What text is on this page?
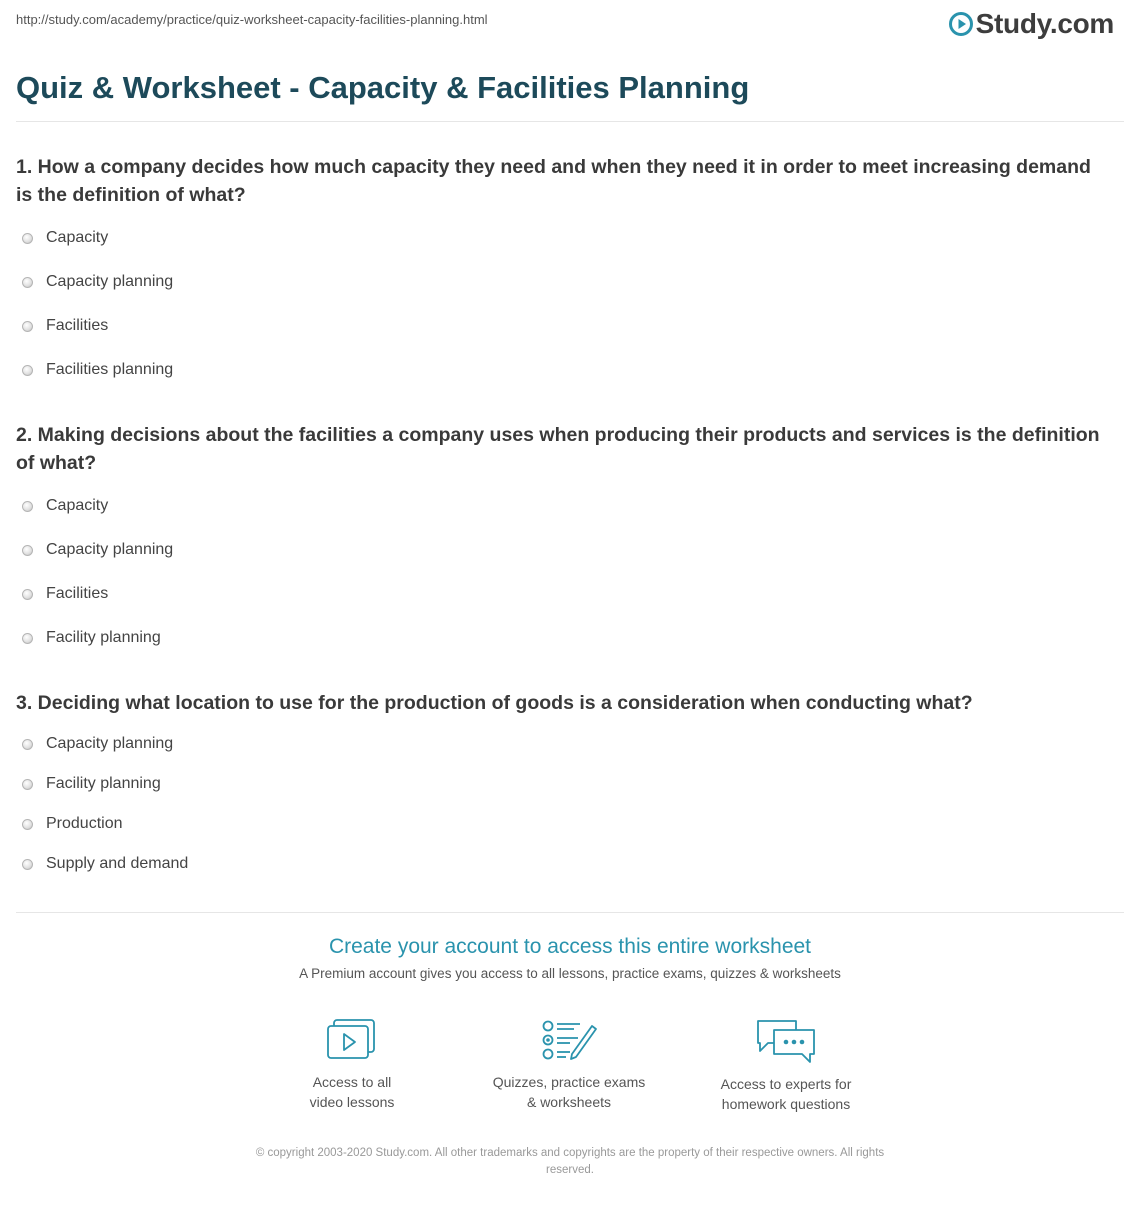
http://study.com/academy/practice/quiz-worksheet-capacity-facilities-planning.html	Study.com
Quiz & Worksheet - Capacity & Facilities Planning

1. How a company decides how much capacity they need and when they need it in order to meet increasing demand is the definition of what?

Capacity
Capacity planning
Facilities
Facilities planning

2. Making decisions about the facilities a company uses when producing their products and services is the definition of what?

Capacity
Capacity planning
Facilities
Facility planning

3. Deciding what location to use for the production of goods is a consideration when conducting what?

Capacity planning
Facility planning
Production
Supply and demand
Create your account to access this entire worksheet
A Premium account gives you access to all lessons, practice exams, quizzes & worksheets
Access to all
video lessons
Quizzes, practice exams
& worksheets
Access to experts for
homework questions
© copyright 2003-2020 Study.com. All other trademarks and copyrights are the property of their respective owners. All rights
reserved.
